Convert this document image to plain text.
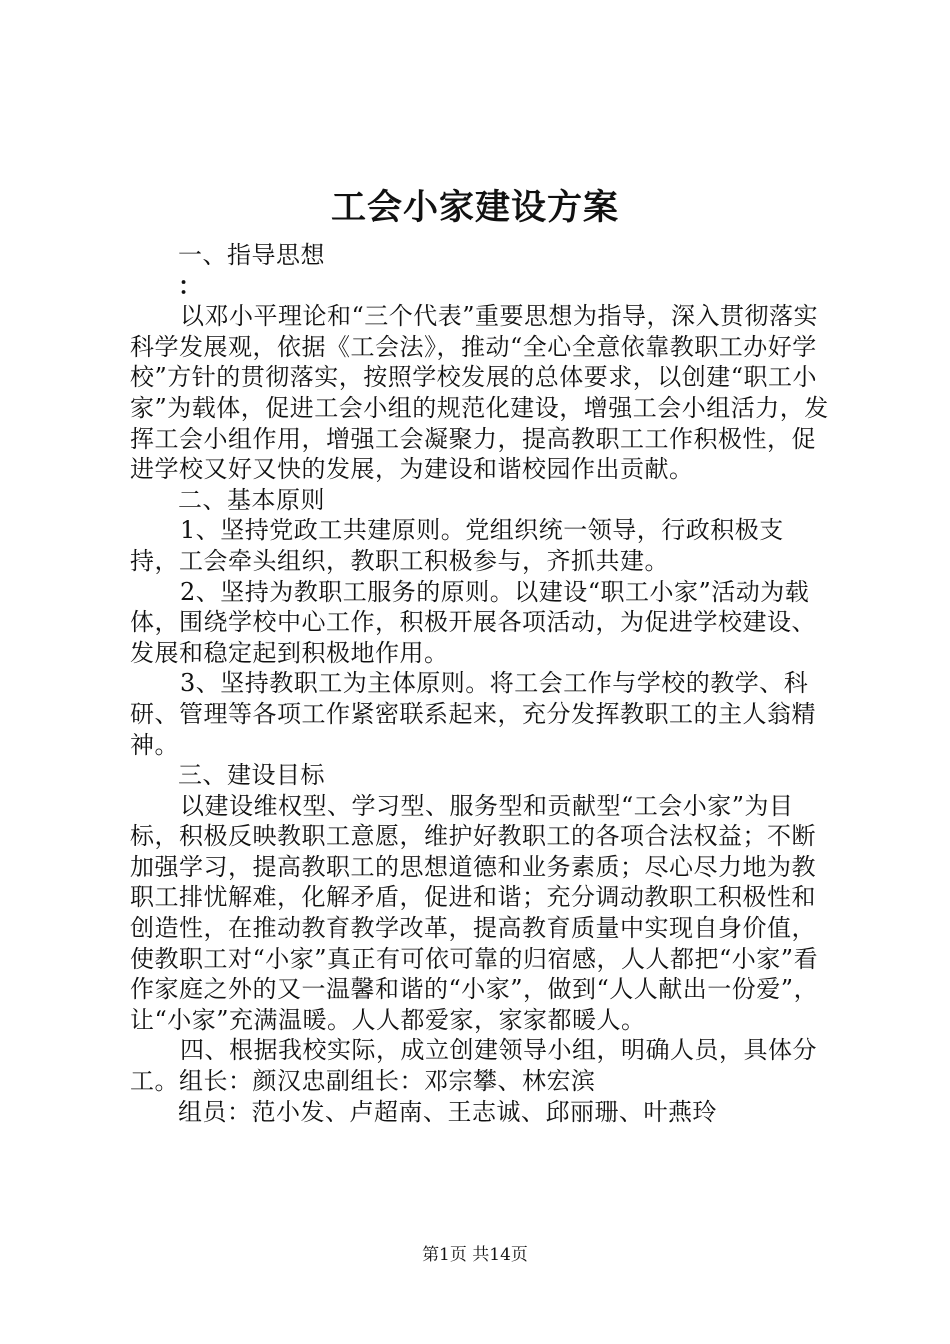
工会小家建设方案

一、指导思想

：

以邓小平理论和“三个代表”重要思想为指导，深入贯彻落实科学发展观，依据《工会法》，推动“全心全意依靠教职工办好学校”方针的贯彻落实，按照学校发展的总体要求，以创建“职工小家”为载体，促进工会小组的规范化建设，增强工会小组活力，发挥工会小组作用，增强工会凝聚力，提高教职工工作积极性，促进学校又好又快的发展，为建设和谐校园作出贡献。

二、基本原则

1、坚持党政工共建原则。党组织统一领导，行政积极支持，工会牵头组织，教职工积极参与，齐抓共建。

2、坚持为教职工服务的原则。以建设“职工小家”活动为载体，围绕学校中心工作，积极开展各项活动，为促进学校建设、发展和稳定起到积极地作用。

3、坚持教职工为主体原则。将工会工作与学校的教学、科研、管理等各项工作紧密联系起来，充分发挥教职工的主人翁精神。

三、建设目标

以建设维权型、学习型、服务型和贡献型“工会小家”为目标，积极反映教职工意愿，维护好教职工的各项合法权益；不断加强学习，提高教职工的思想道德和业务素质；尽心尽力地为教职工排忧解难，化解矛盾，促进和谐；充分调动教职工积极性和创造性，在推动教育教学改革，提高教育质量中实现自身价值，使教职工对“小家”真正有可依可靠的归宿感，人人都把“小家”看作家庭之外的又一温馨和谐的“小家”，做到“人人献出一份爱”，让“小家”充满温暖。人人都爱家，家家都暖人。

四、根据我校实际，成立创建领导小组，明确人员，具体分工。组长：颜汉忠副组长：邓宗攀、林宏滨

组员：范小发、卢超南、王志诚、邱丽珊、叶燕玲

第1页 共14页
